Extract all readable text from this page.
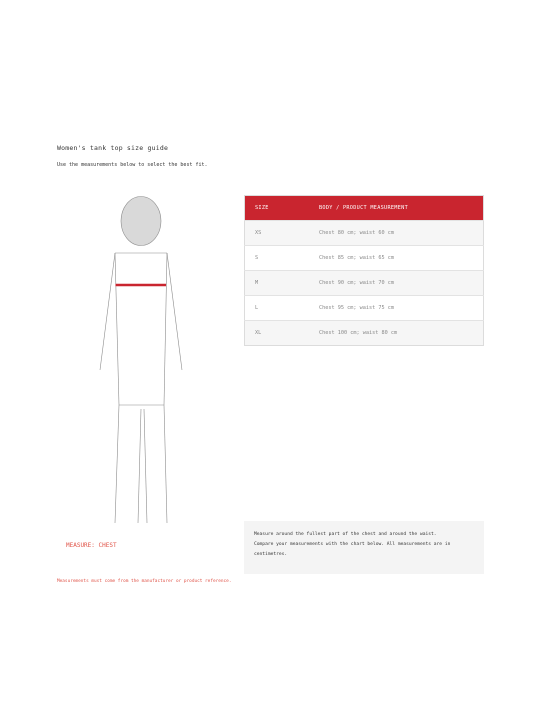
Women's tank top size guide
Use the measurements below to select the best fit.
MEASURE: CHEST
SIZE	BODY / PRODUCT MEASUREMENT
XS	Chest 80 cm; waist 60 cm
S	Chest 85 cm; waist 65 cm
M	Chest 90 cm; waist 70 cm
L	Chest 95 cm; waist 75 cm
XL	Chest 100 cm; waist 80 cm

Measure around the fullest part of the chest and around the waist.

Compare your measurements with the chart below. All measurements are in

centimetres.

Measurements must come from the manufacturer or product reference.
